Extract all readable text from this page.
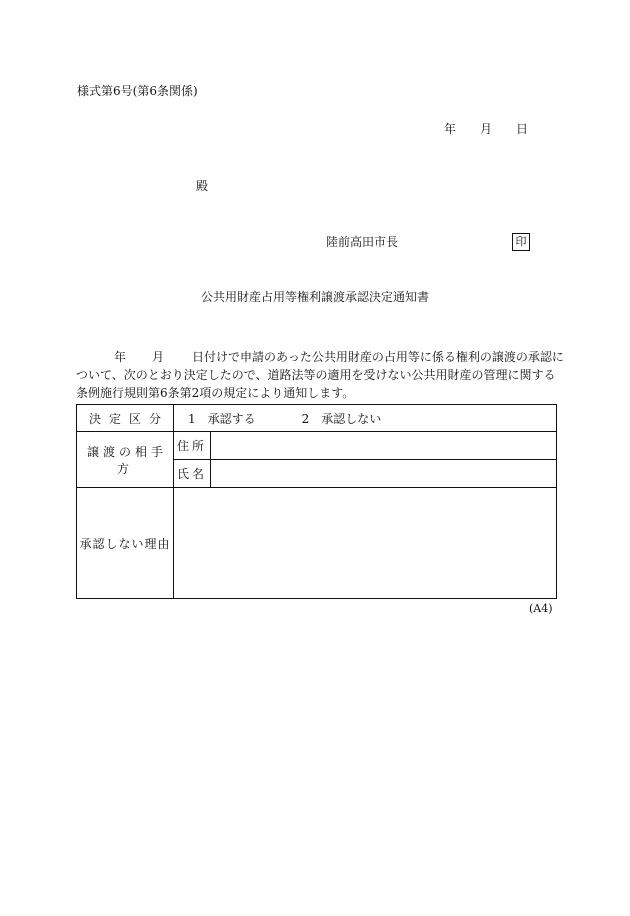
様式第6号(第6条関係)
年 月 日
殿
陸前高田市長	印
公共用財産占用等権利譲渡承認決定通知書
年 月 日付けで申請のあった公共用財産の占用等に係る権利の譲渡の承認に
ついて、次のとおり決定したので、道路法等の適用を受けない公共用財産の管理に関する
条例施行規則第6条第2項の規定により通知します。
決定区分	1　承認する 2　承認しない	
譲渡の相手方	住所	
	氏名	
承認しない理由		
(A4)
